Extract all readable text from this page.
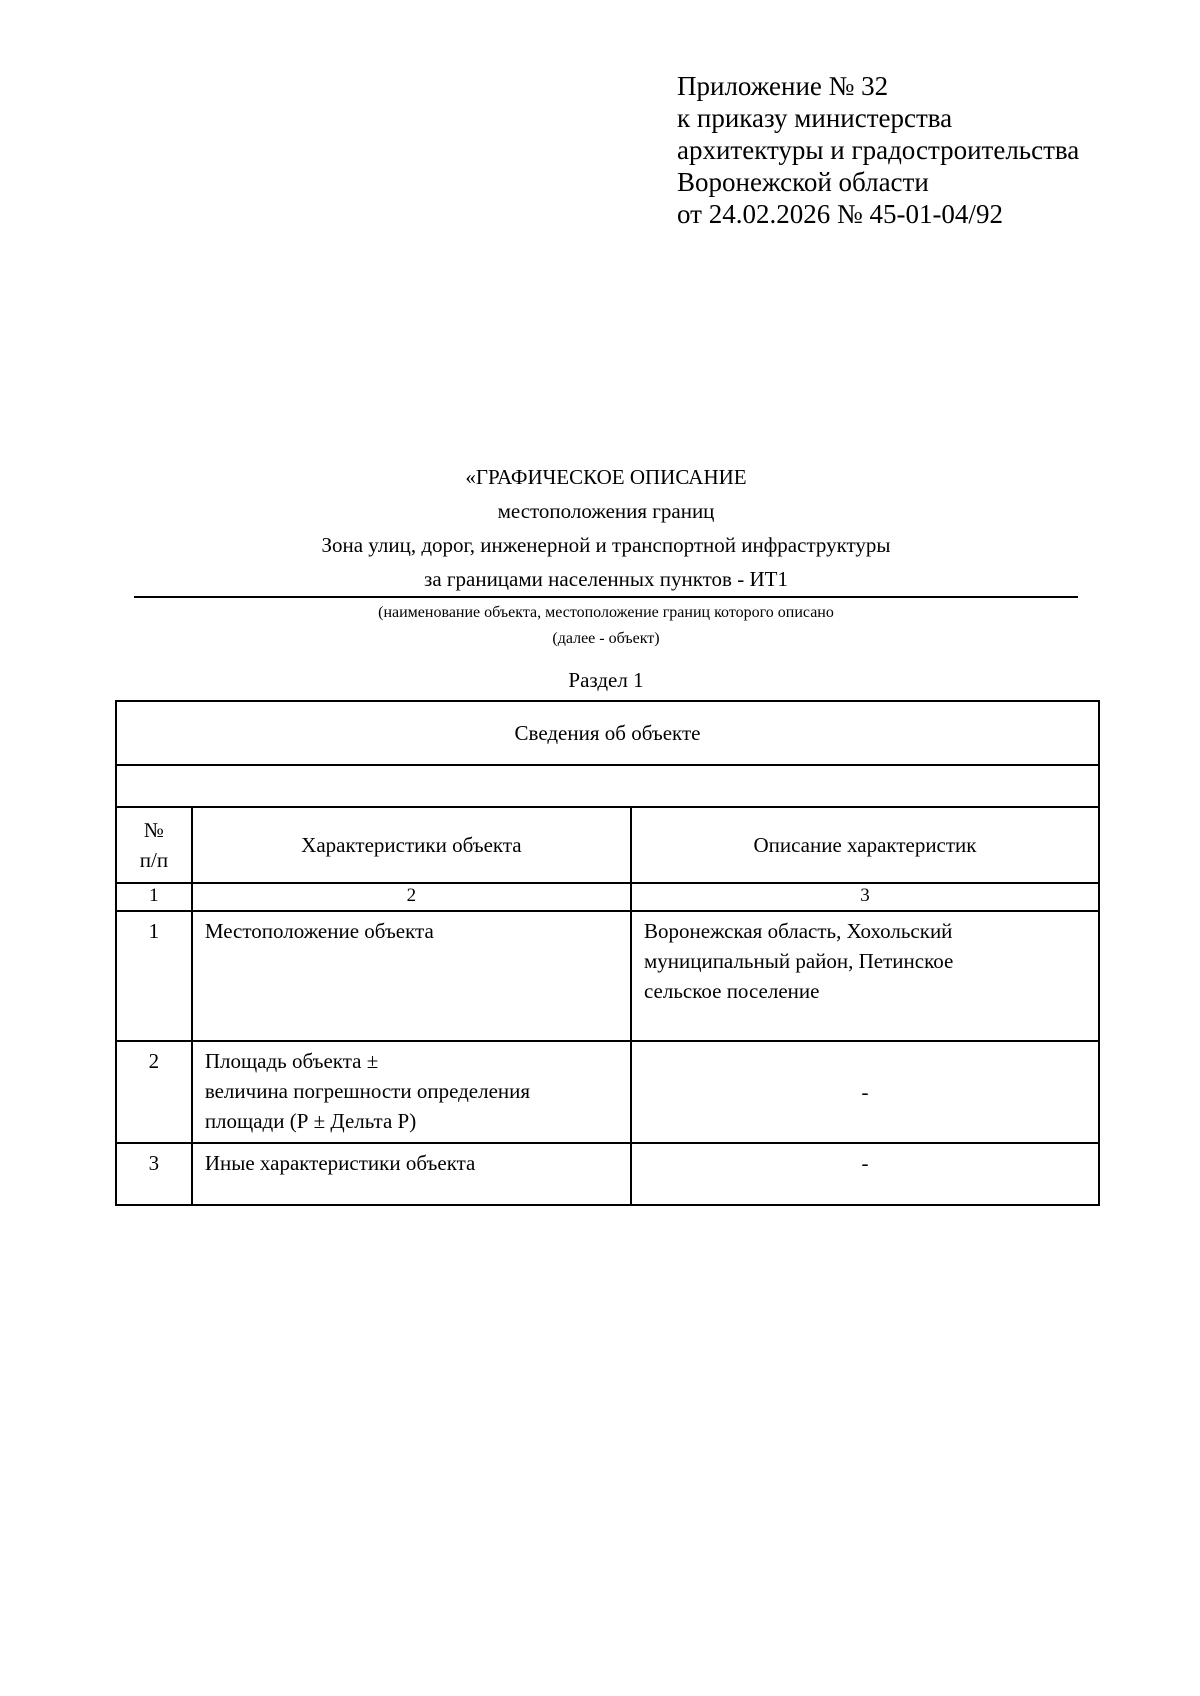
Приложение № 32
к приказу министерства
архитектуры и градостроительства
Воронежской области
от 24.02.2026 № 45-01-04/92
«ГРАФИЧЕСКОЕ ОПИСАНИЕ
местоположения границ
Зона улиц, дорог, инженерной и транспортной инфраструктуры
за границами населенных пунктов - ИТ1
(наименование объекта, местоположение границ которого описано
(далее - объект)
Раздел 1
Сведения об объекте		

№
п/п	Характеристики объекта	Описание характеристик
1	2	3
1	Местоположение объекта	Воронежская область, Хохольский
муниципальный район, Петинское
сельское поселение

2	Площадь объекта ±
величина погрешности определения
площади (Р ± Дельта Р)	-

3	Иные характеристики объекта	-
